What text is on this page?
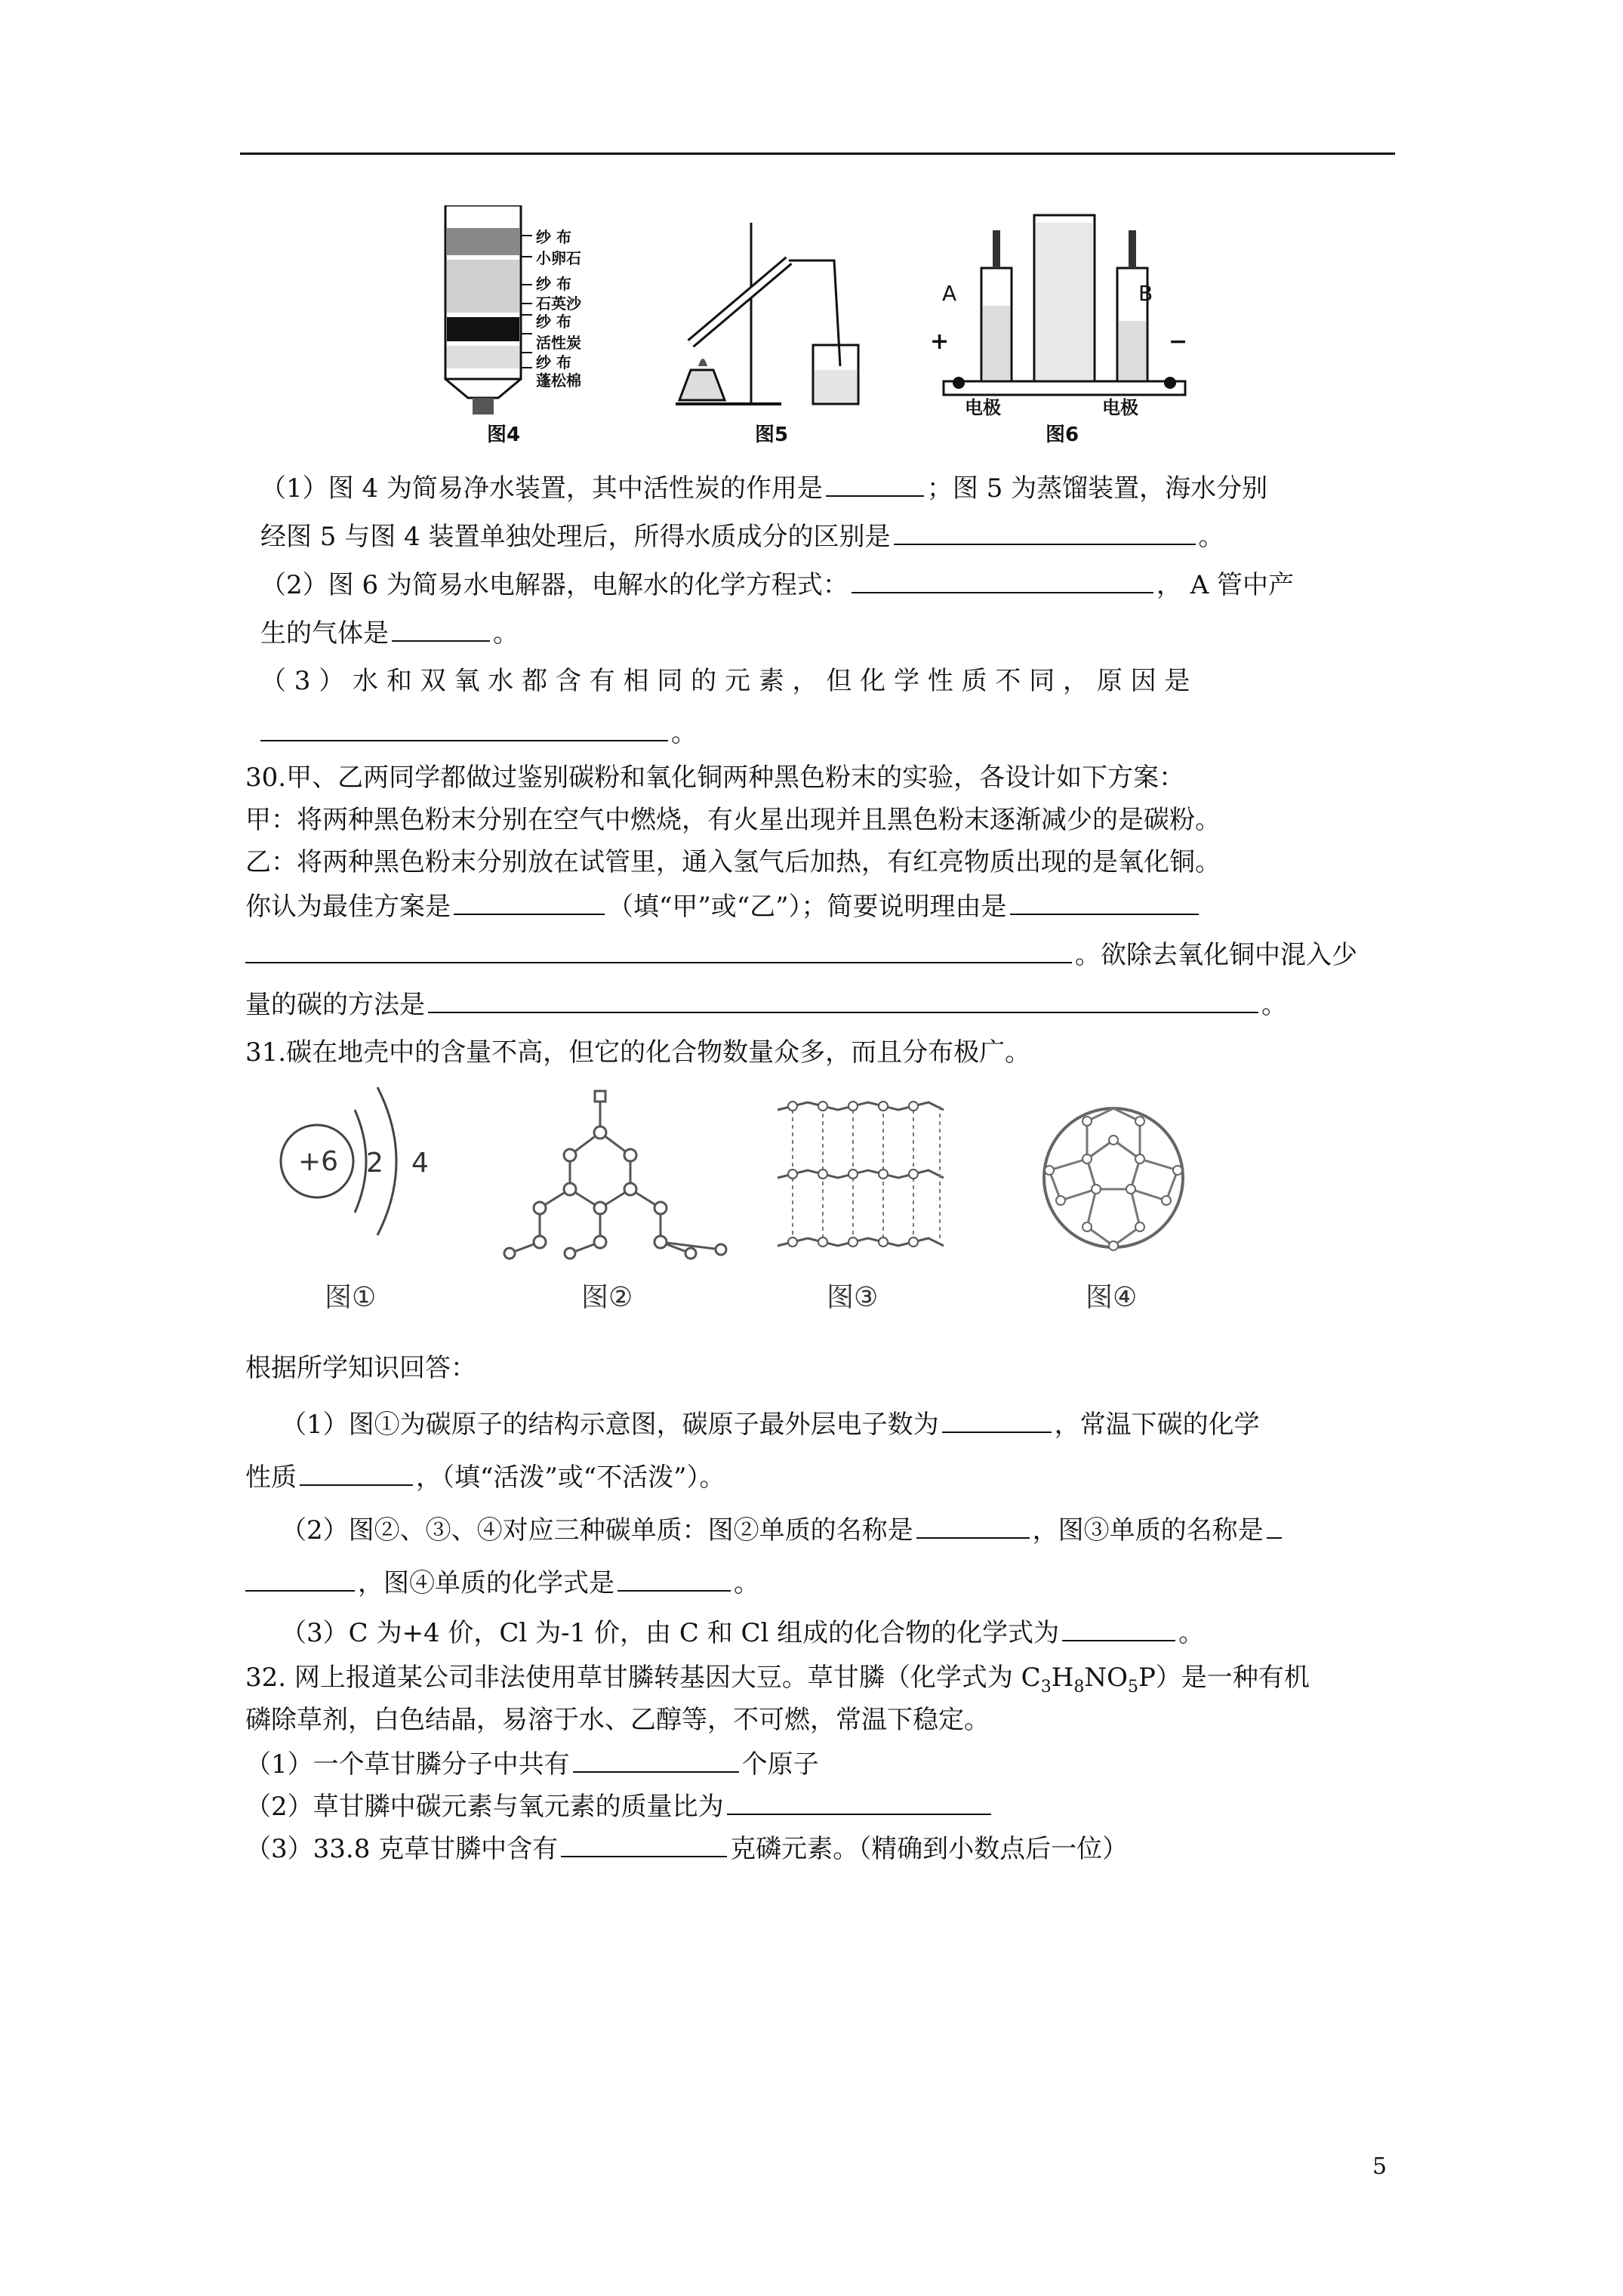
纱 布
小卵石
纱 布
石英沙
纱 布
活性炭
纱 布
蓬松棉
图4	图5
A	B
+	−
电极	电极
图6
（1）图 4 为简易净水装置，其中活性炭的作用是	；图 5 为蒸馏装置，海水分别
经图 5 与图 4 装置单独处理后，所得水质成分的区别是	。
（2）图 6 为简易水电解器，电解水的化学方程式：	， A 管中产
生的气体是	。
（ 3 ） 水 和 双 氧 水 都 含 有 相 同 的 元 素 ， 但 化 学 性 质 不 同 ， 原 因 是
。
30.甲、乙两同学都做过鉴别碳粉和氧化铜两种黑色粉末的实验，各设计如下方案：
甲：将两种黑色粉末分别在空气中燃烧，有火星出现并且黑色粉末逐渐减少的是碳粉。
乙：将两种黑色粉末分别放在试管里，通入氢气后加热，有红亮物质出现的是氧化铜。
你认为最佳方案是	（填“甲”或“乙”）；简要说明理由是
。欲除去氧化铜中混入少
量的碳的方法是	。
31.碳在地壳中的含量不高，但它的化合物数量众多，而且分布极广。
+6 2 4
图①	图②	图③	图④
根据所学知识回答：
（1）图①为碳原子的结构示意图，碳原子最外层电子数为	，常温下碳的化学
性质	，（填“活泼”或“不活泼”）。
（2）图②、③、④对应三种碳单质：图②单质的名称是	，图③单质的名称是
，图④单质的化学式是	。
（3）C 为+4 价，Cl 为-1 价，由 C 和 Cl 组成的化合物的化学式为	。
32. 网上报道某公司非法使用草甘膦转基因大豆。草甘膦（化学式为 $C_3H_8NO_5P$）是一种有机
磷除草剂，白色结晶，易溶于水、乙醇等，不可燃，常温下稳定。
（1）一个草甘膦分子中共有	个原子
（2）草甘膦中碳元素与氧元素的质量比为
（3）33.8 克草甘膦中含有	克磷元素。（精确到小数点后一位）
5
